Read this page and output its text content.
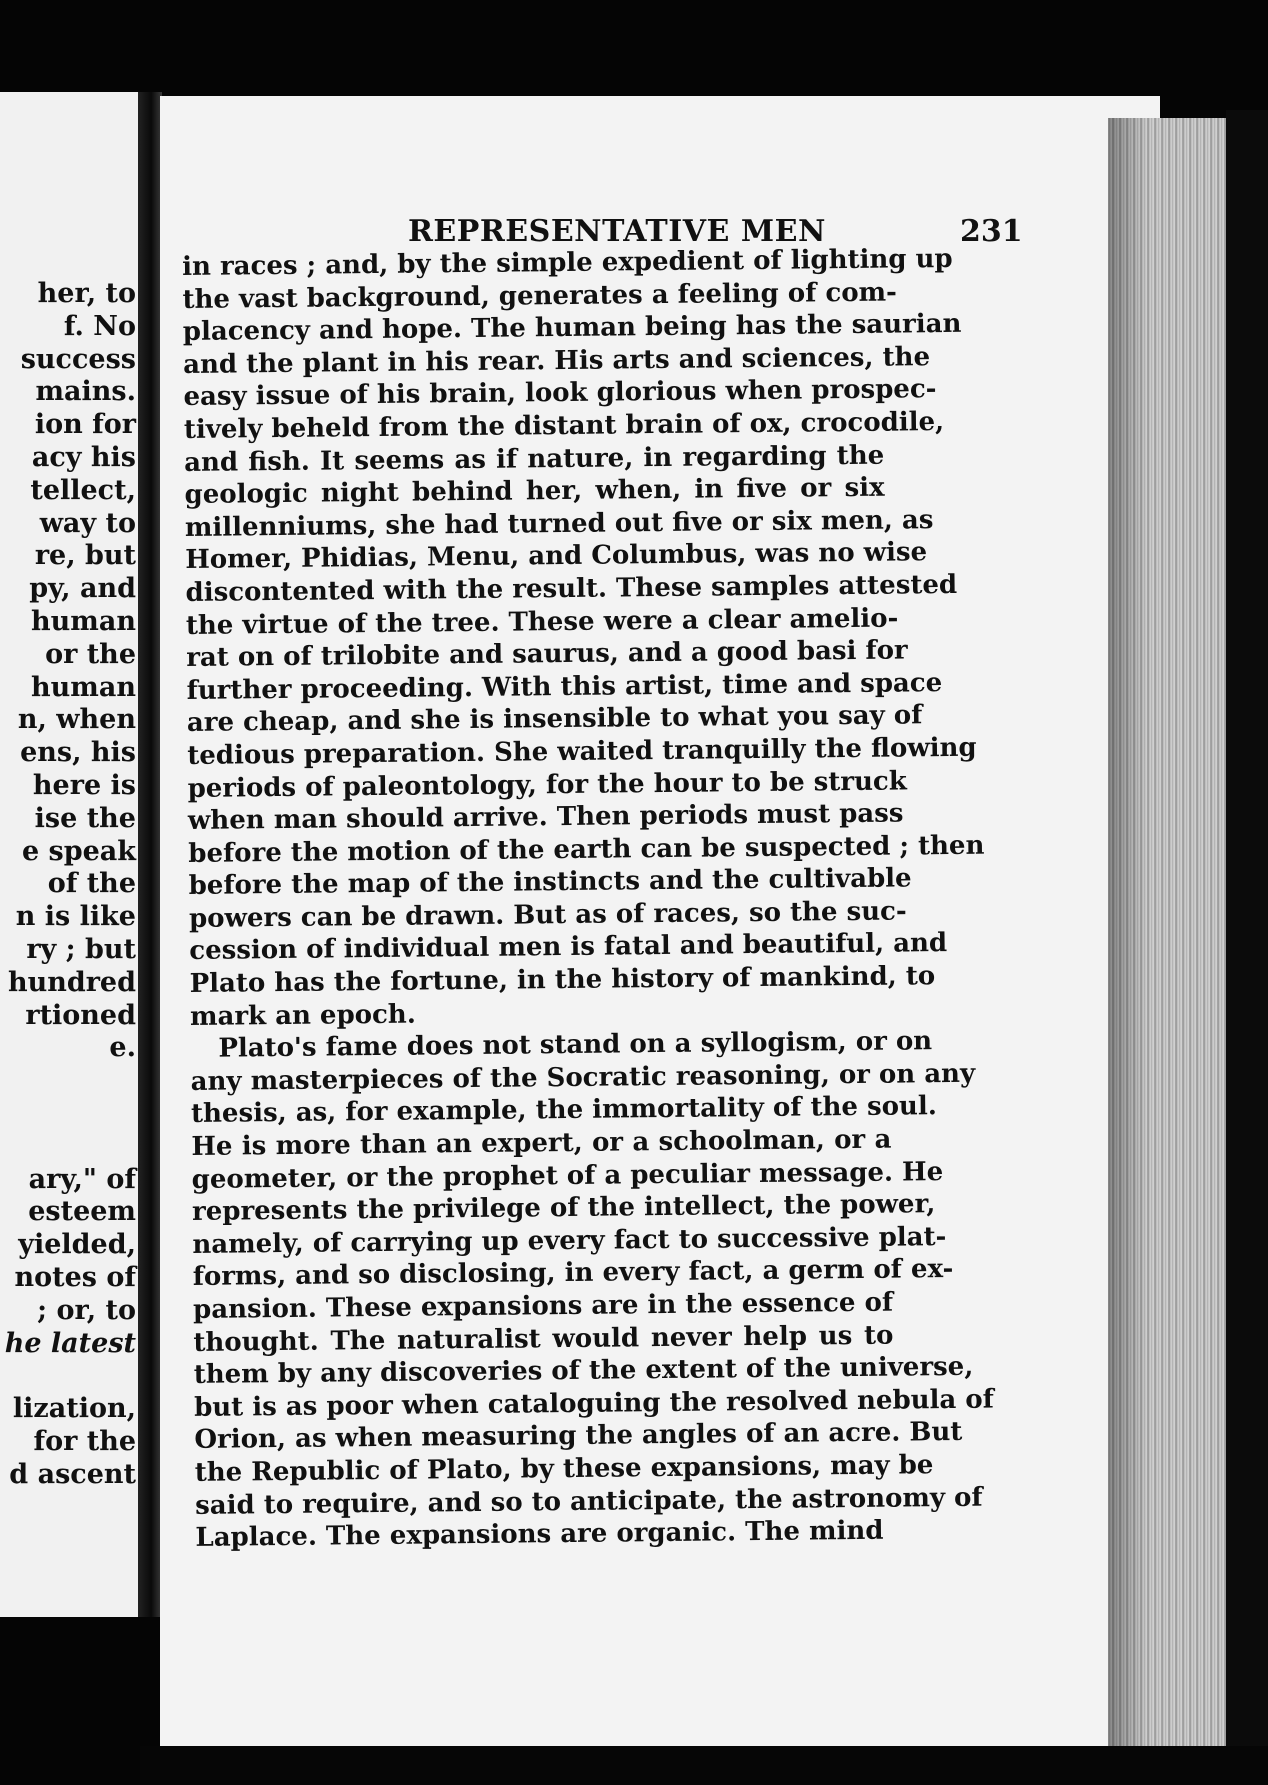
her, to
f. No
success
mains.
ion for
acy his
tellect,
way to
re, but
py, and
human
or the
human
n, when
ens, his
here is
ise the
e speak
of the
n is like
ry ; but
hundred
rtioned
e.
ary," of
esteem
yielded,
notes of
; or, to
he latest
lization,
for the
d ascent
REPRESENTATIVE MEN	231
in races ; and, by the simple expedient of lighting up
the vast background, generates a feeling of com-
placency and hope. The human being has the saurian
and the plant in his rear. His arts and sciences, the
easy issue of his brain, look glorious when prospec-
tively beheld from the distant brain of ox, crocodile,
and fish. It seems as if nature, in regarding the
geologic night behind her, when, in five or six
millenniums, she had turned out five or six men, as
Homer, Phidias, Menu, and Columbus, was no wise
discontented with the result. These samples attested
the virtue of the tree. These were a clear amelio-
rat on of trilobite and saurus, and a good basi for
further proceeding. With this artist, time and space
are cheap, and she is insensible to what you say of
tedious preparation. She waited tranquilly the flowing
periods of paleontology, for the hour to be struck
when man should arrive. Then periods must pass
before the motion of the earth can be suspected ; then
before the map of the instincts and the cultivable
powers can be drawn. But as of races, so the suc-
cession of individual men is fatal and beautiful, and
Plato has the fortune, in the history of mankind, to
mark an epoch.
Plato's fame does not stand on a syllogism, or on
any masterpieces of the Socratic reasoning, or on any
thesis, as, for example, the immortality of the soul.
He is more than an expert, or a schoolman, or a
geometer, or the prophet of a peculiar message. He
represents the privilege of the intellect, the power,
namely, of carrying up every fact to successive plat-
forms, and so disclosing, in every fact, a germ of ex-
pansion. These expansions are in the essence of
thought. The naturalist would never help us to
them by any discoveries of the extent of the universe,
but is as poor when cataloguing the resolved nebula of
Orion, as when measuring the angles of an acre. But
the Republic of Plato, by these expansions, may be
said to require, and so to anticipate, the astronomy of
Laplace. The expansions are organic. The mind
